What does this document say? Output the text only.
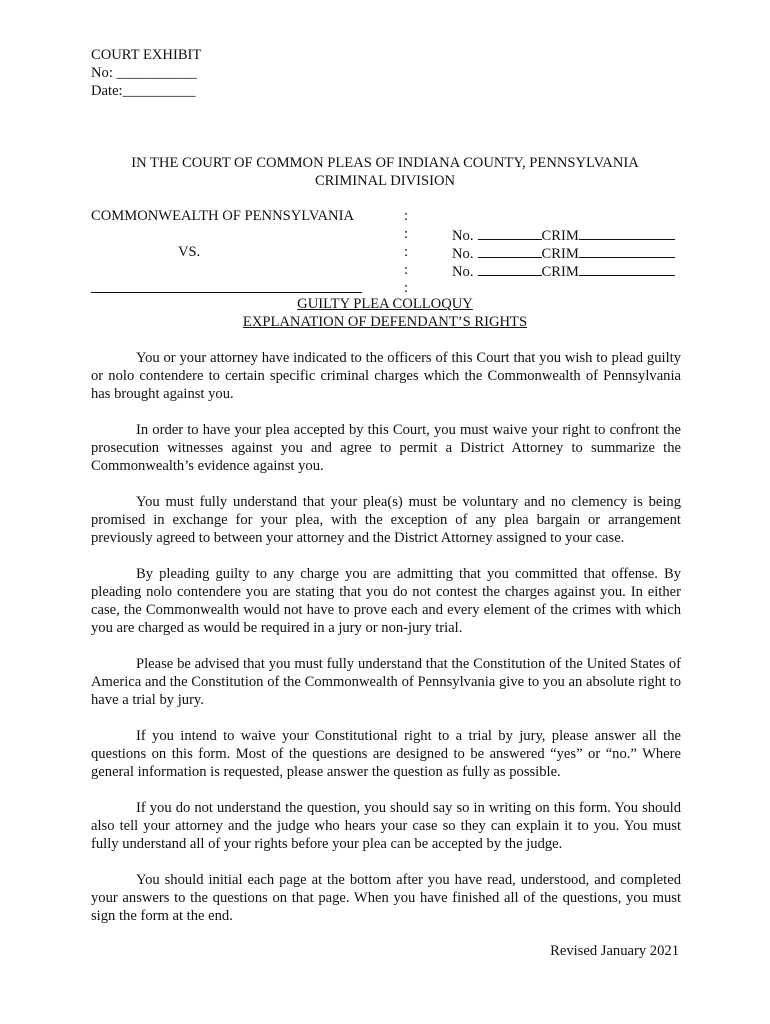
COURT EXHIBIT
No: ___________
Date:__________
IN THE COURT OF COMMON PLEAS OF INDIANA COUNTY, PENNSYLVANIA
CRIMINAL DIVISION
COMMONWEALTH OF PENNSYLVANIA
VS.
:
:
:
:
:
No.	CRIM
No.	CRIM
No.	CRIM
GUILTY PLEA COLLOQUY
EXPLANATION OF DEFENDANT’S RIGHTS

You or your attorney have indicated to the officers of this Court that you wish to plead guilty or nolo contendere to certain specific criminal charges which the Commonwealth of Pennsylvania has brought against you.

In order to have your plea accepted by this Court, you must waive your right to confront the prosecution witnesses against you and agree to permit a District Attorney to summarize the Commonwealth’s evidence against you.

You must fully understand that your plea(s) must be voluntary and no clemency is being promised in exchange for your plea, with the exception of any plea bargain or arrangement previously agreed to between your attorney and the District Attorney assigned to your case.

By pleading guilty to any charge you are admitting that you committed that offense. By pleading nolo contendere you are stating that you do not contest the charges against you. In either case, the Commonwealth would not have to prove each and every element of the crimes with which you are charged as would be required in a jury or non-jury trial.

Please be advised that you must fully understand that the Constitution of the United States of America and the Constitution of the Commonwealth of Pennsylvania give to you an absolute right to have a trial by jury.

If you intend to waive your Constitutional right to a trial by jury, please answer all the questions on this form. Most of the questions are designed to be answered “yes” or “no.” Where general information is requested, please answer the question as fully as possible.

If you do not understand the question, you should say so in writing on this form. You should also tell your attorney and the judge who hears your case so they can explain it to you. You must fully understand all of your rights before your plea can be accepted by the judge.

You should initial each page at the bottom after you have read, understood, and completed your answers to the questions on that page. When you have finished all of the questions, you must sign the form at the end.

Revised January 2021
